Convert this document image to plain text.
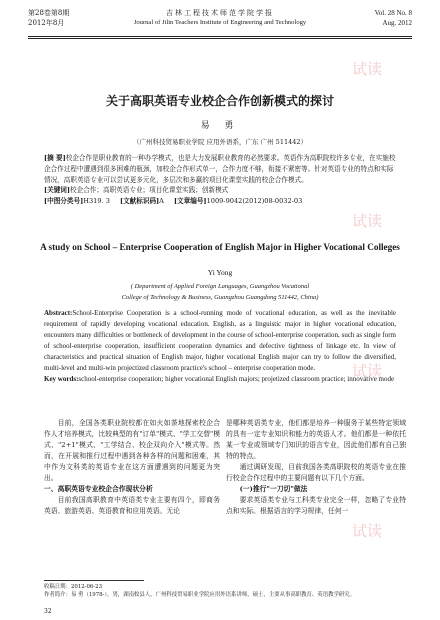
试读
试读
试读
试读
第28卷第8期
2012年8月
吉林工程技术师范学院学报
Journal of Jilin Teachers Institute of Engineering and Technology
Vol. 28 No. 8
Aug. 2012
关于高职英语专业校企合作创新模式的探讨
易 勇
（广州科技贸易职业学院 应用外语系，广东 广州 511442）
[摘 要]校企合作是职业教育的一种办学模式，也是大力发展职业教育的必然要求。英语作为高职院校许多专业，在实施校企合作过程中遭遇到很多困难的瓶颈，加校企合作形式单一，合作力度不够，衔接不紧密等。针对英语专业的特点和实际情况，高职英语专业可以尝试更多元化，多层次和多赢的项目化课堂实践的校企合作模式。
[关键词]校企合作；高职英语专业；项目化课堂实践；创新模式
[中图分类号]H319. 3 [文献标识码]A [文章编号]1009-9042(2012)08-0032-03
A study on School – Enterprise Cooperation of English Major in Higher Vocational Colleges
Yi Yong
( Department of Applied Foreign Languages, Guangzhou Vocational
College of Technology & Business, Guangzhou Guangdong 511442, China)
Abstract:School-Enterprise Cooperation is a school-running mode of vocational education, as well as the inevitable requirement of rapidly developing vocational education. English, as a linguistic major in higher vocational education, encounters many difficulties or bottleneck of development in the course of school-enterprise cooperation, such as single form of school-enterprise cooperation, insufficient cooperation dynamics and defective tightness of linkage etc. In view of characteristics and practical situation of English major, higher vocational English major can try to follow the diversified, multi-level and multi-win projectized classroom practice's school – enterprise cooperation mode.
Key words:school-enterprise cooperation; higher vocational English majors; projetized classroom practice; innovative mode
目前，全国各类职业院校都在如火如荼地探索校企合作人才培养模式，比较典型的有"订单"模式、"学工交替"模式、"2+1"模式、"工学结合、校企双向介入"模式等。然而，在开展和推行过程中遇到各种各样的问题和困难，其中作为文科类的英语专业在这方面遭遇到的问题更为突出。
一、高职英语专业校企合作现状分析
目前我国高职教育中英语类专业主要有四个，即商务英语、旅游英语、英语教育和应用英语。无论
是哪种英语类专业，他们都是培养一种服务于某些特定领域的具有一定专业知识和能力的英语人才。他们都是一种依托某一专业或领域专门知识的语言专业，因此他们都有自己独特的特点。
通过调研发现，目前我国各类高职院校的英语专业在推行校企合作过程中的主要问题有以下几个方面。
(一)推行"一刀切"做法
要求英语类专业与工科类专业完全一样，忽略了专业特点和实际。根据语言的学习规律，任何一
收稿日期：2012-06-23
作者简介：易 勇（1978-），男，湖南攸县人，广州科技贸易职业学院应用外语系讲师，硕士，主要从事高职教育、英语教学研究。
32
